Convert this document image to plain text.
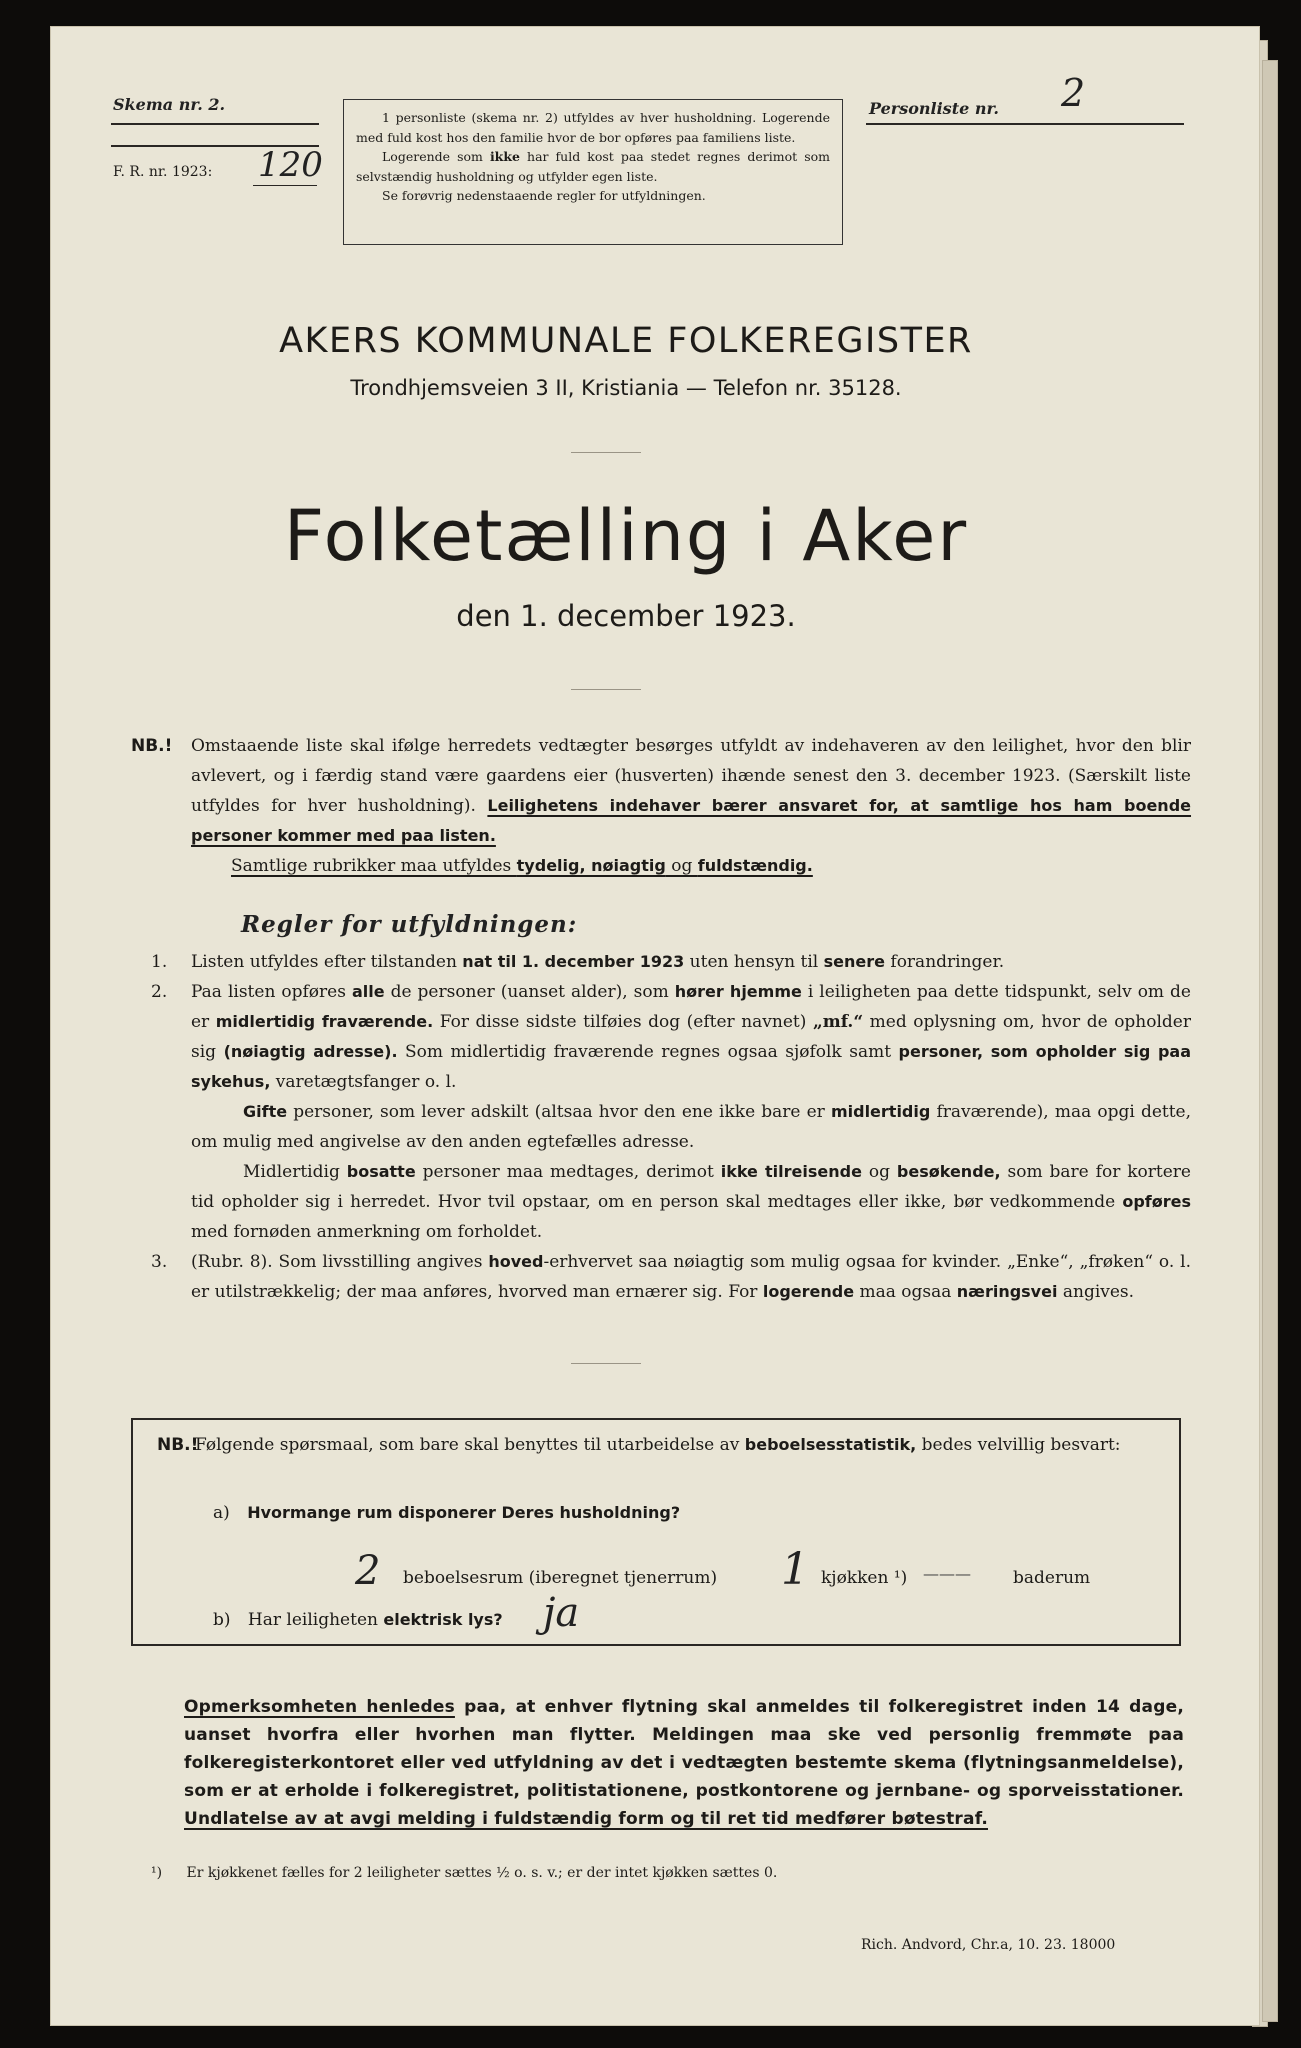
Skema nr. 2.
F. R. nr. 1923: 120

1 personliste (skema nr. 2) utfyldes av hver husholdning. Logerende med fuld kost hos den familie hvor de bor opføres paa familiens liste.

Logerende som ikke har fuld kost paa stedet regnes derimot som selvstændig husholdning og utfylder egen liste.

Se forøvrig nedenstaaende regler for utfyldningen.

Personliste nr. 2
AKERS KOMMUNALE FOLKEREGISTER
Trondhjemsveien 3 II, Kristiania — Telefon nr. 35128.
Folketælling i Aker
den 1. december 1923.
NB.! Omstaaende liste skal ifølge herredets vedtægter besørges utfyldt av indehaveren av den leilighet, hvor den blir avlevert, og i færdig stand være gaardens eier (husverten) ihænde senest den 3. december 1923. (Særskilt liste utfyldes for hver husholdning). Leilighetens indehaver bærer ansvaret for, at samtlige hos ham boende personer kommer med paa listen.
Samtlige rubrikker maa utfyldes tydelig, nøiagtig og fuldstændig.
Regler for utfyldningen:
1. Listen utfyldes efter tilstanden nat til 1. december 1923 uten hensyn til senere forandringer.
2. Paa listen opføres alle de personer (uanset alder), som hører hjemme i leiligheten paa dette tidspunkt, selv om de er midlertidig fraværende. For disse sidste tilføies dog (efter navnet) „mf.“ med oplysning om, hvor de opholder sig (nøiagtig adresse). Som midlertidig fraværende regnes ogsaa sjøfolk samt personer, som opholder sig paa sykehus, varetægtsfanger o. l.
Gifte personer, som lever adskilt (altsaa hvor den ene ikke bare er midlertidig fraværende), maa opgi dette, om mulig med angivelse av den anden egtefælles adresse.
Midlertidig bosatte personer maa medtages, derimot ikke tilreisende og besøkende, som bare for kortere tid opholder sig i herredet. Hvor tvil opstaar, om en person skal medtages eller ikke, bør vedkommende opføres med fornøden anmerkning om forholdet.
3. (Rubr. 8). Som livsstilling angives hoved-erhvervet saa nøiagtig som mulig ogsaa for kvinder. „Enke“, „frøken“ o. l. er utilstrækkelig; der maa anføres, hvorved man ernærer sig. For logerende maa ogsaa næringsvei angives.
NB.!
Følgende spørsmaal, som bare skal benyttes til utarbeidelse av beboelsesstatistik, bedes velvillig besvart:
a) Hvormange rum disponerer Deres husholdning?
2 beboelsesrum (iberegnet tjenerrum) 1 kjøkken ¹) ——— baderum
b) Har leiligheten elektrisk lys? ja
Opmerksomheten henledes paa, at enhver flytning skal anmeldes til folkeregistret inden 14 dage, uanset hvorfra eller hvorhen man flytter. Meldingen maa ske ved personlig fremmøte paa folkeregisterkontoret eller ved utfyldning av det i vedtægten bestemte skema (flytningsanmeldelse), som er at erholde i folkeregistret, politistationene, postkontorene og jernbane- og sporveisstationer. Undlatelse av at avgi melding i fuldstændig form og til ret tid medfører bøtestraf.
¹) Er kjøkkenet fælles for 2 leiligheter sættes ½ o. s. v.; er der intet kjøkken sættes 0.
Rich. Andvord, Chr.a, 10. 23. 18000
